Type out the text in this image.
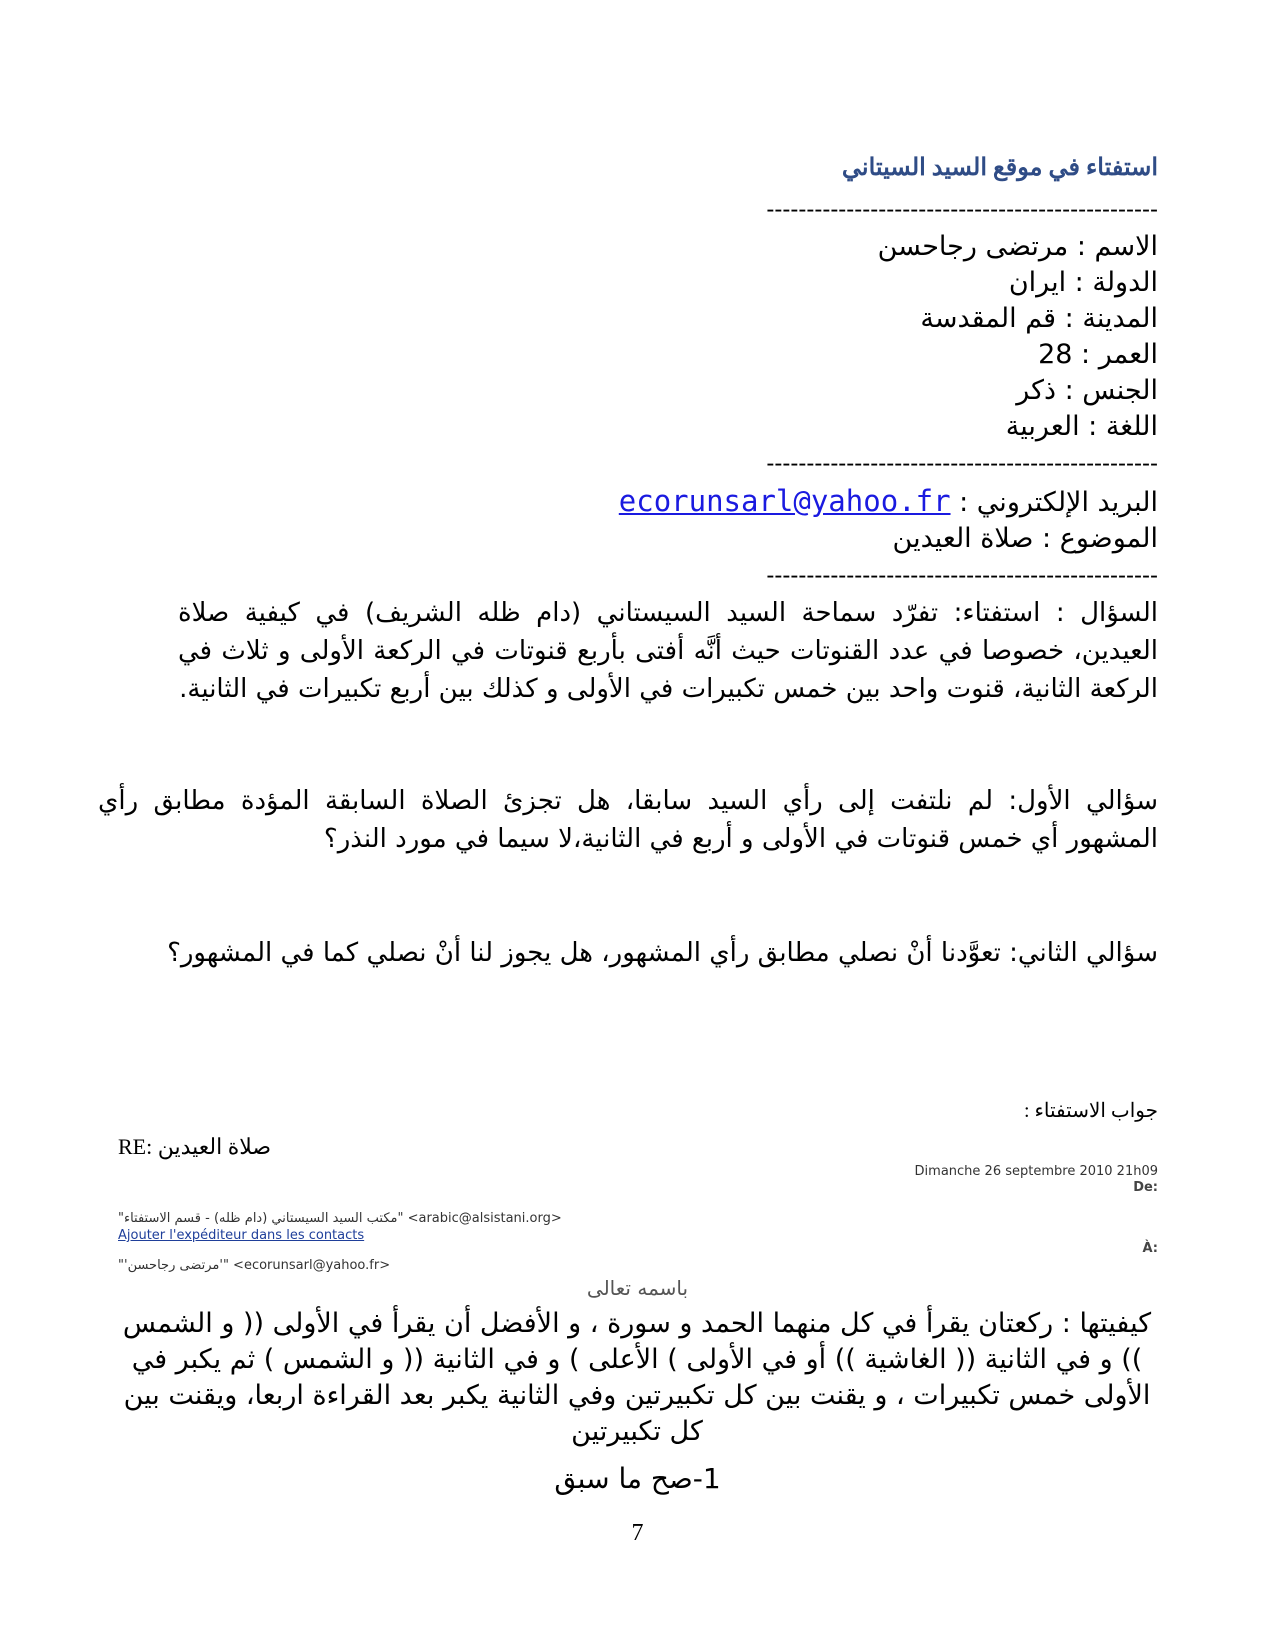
استفتاء في موقع السيد السيتاني
-------------------------------------------------
الاسم : مرتضى رجاحسن
الدولة : ايران
المدينة : قم المقدسة
العمر : 28
الجنس : ذكر
اللغة : العربية
-------------------------------------------------
البريد الإلكتروني : ecorunsarl@yahoo.fr
الموضوع : صلاة العيدين
-------------------------------------------------
السؤال : استفتاء: تفرّد سماحة السيد السيستاني (دام ظله الشريف) في كيفية صلاة العيدين، خصوصا في عدد القنوتات حيث أنَّه أفتى بأربع قنوتات في الركعة الأولى و ثلاث في الركعة الثانية، قنوت واحد بين خمس تكبيرات في الأولى و كذلك بين أربع تكبيرات في الثانية.
سؤالي الأول: لم نلتفت إلى رأي السيد سابقا، هل تجزئ الصلاة السابقة المؤدة مطابق رأي المشهور أي خمس قنوتات في الأولى و أربع في الثانية،لا سيما في مورد النذر؟
سؤالي الثاني: تعوَّدنا أنْ نصلي مطابق رأي المشهور، هل يجوز لنا أنْ نصلي كما في المشهور؟
جواب الاستفتاء :
RE: صلاة العيدين
Dimanche 26 septembre 2010 21h09
De:
"مكتب السيد السيستاني (دام ظله) - قسم الاستفتاء" <arabic@alsistani.org>
Ajouter l'expéditeur dans les contacts
À:
"'مرتضى رجاحسن'" <ecorunsarl@yahoo.fr>
باسمه تعالى
كيفيتها : ركعتان يقرأ في كل منهما الحمد و سورة ، و الأفضل أن يقرأ في الأولى (( و الشمس )) و في الثانية (( الغاشية )) أو في الأولى ) الأعلى ) و في الثانية (( و الشمس ) ثم يكبر في الأولى خمس تكبيرات ، و يقنت بين كل تكبيرتين وفي الثانية يكبر بعد القراءة اربعا، ويقنت بين كل تكبيرتين
1-صح ما سبق
7
